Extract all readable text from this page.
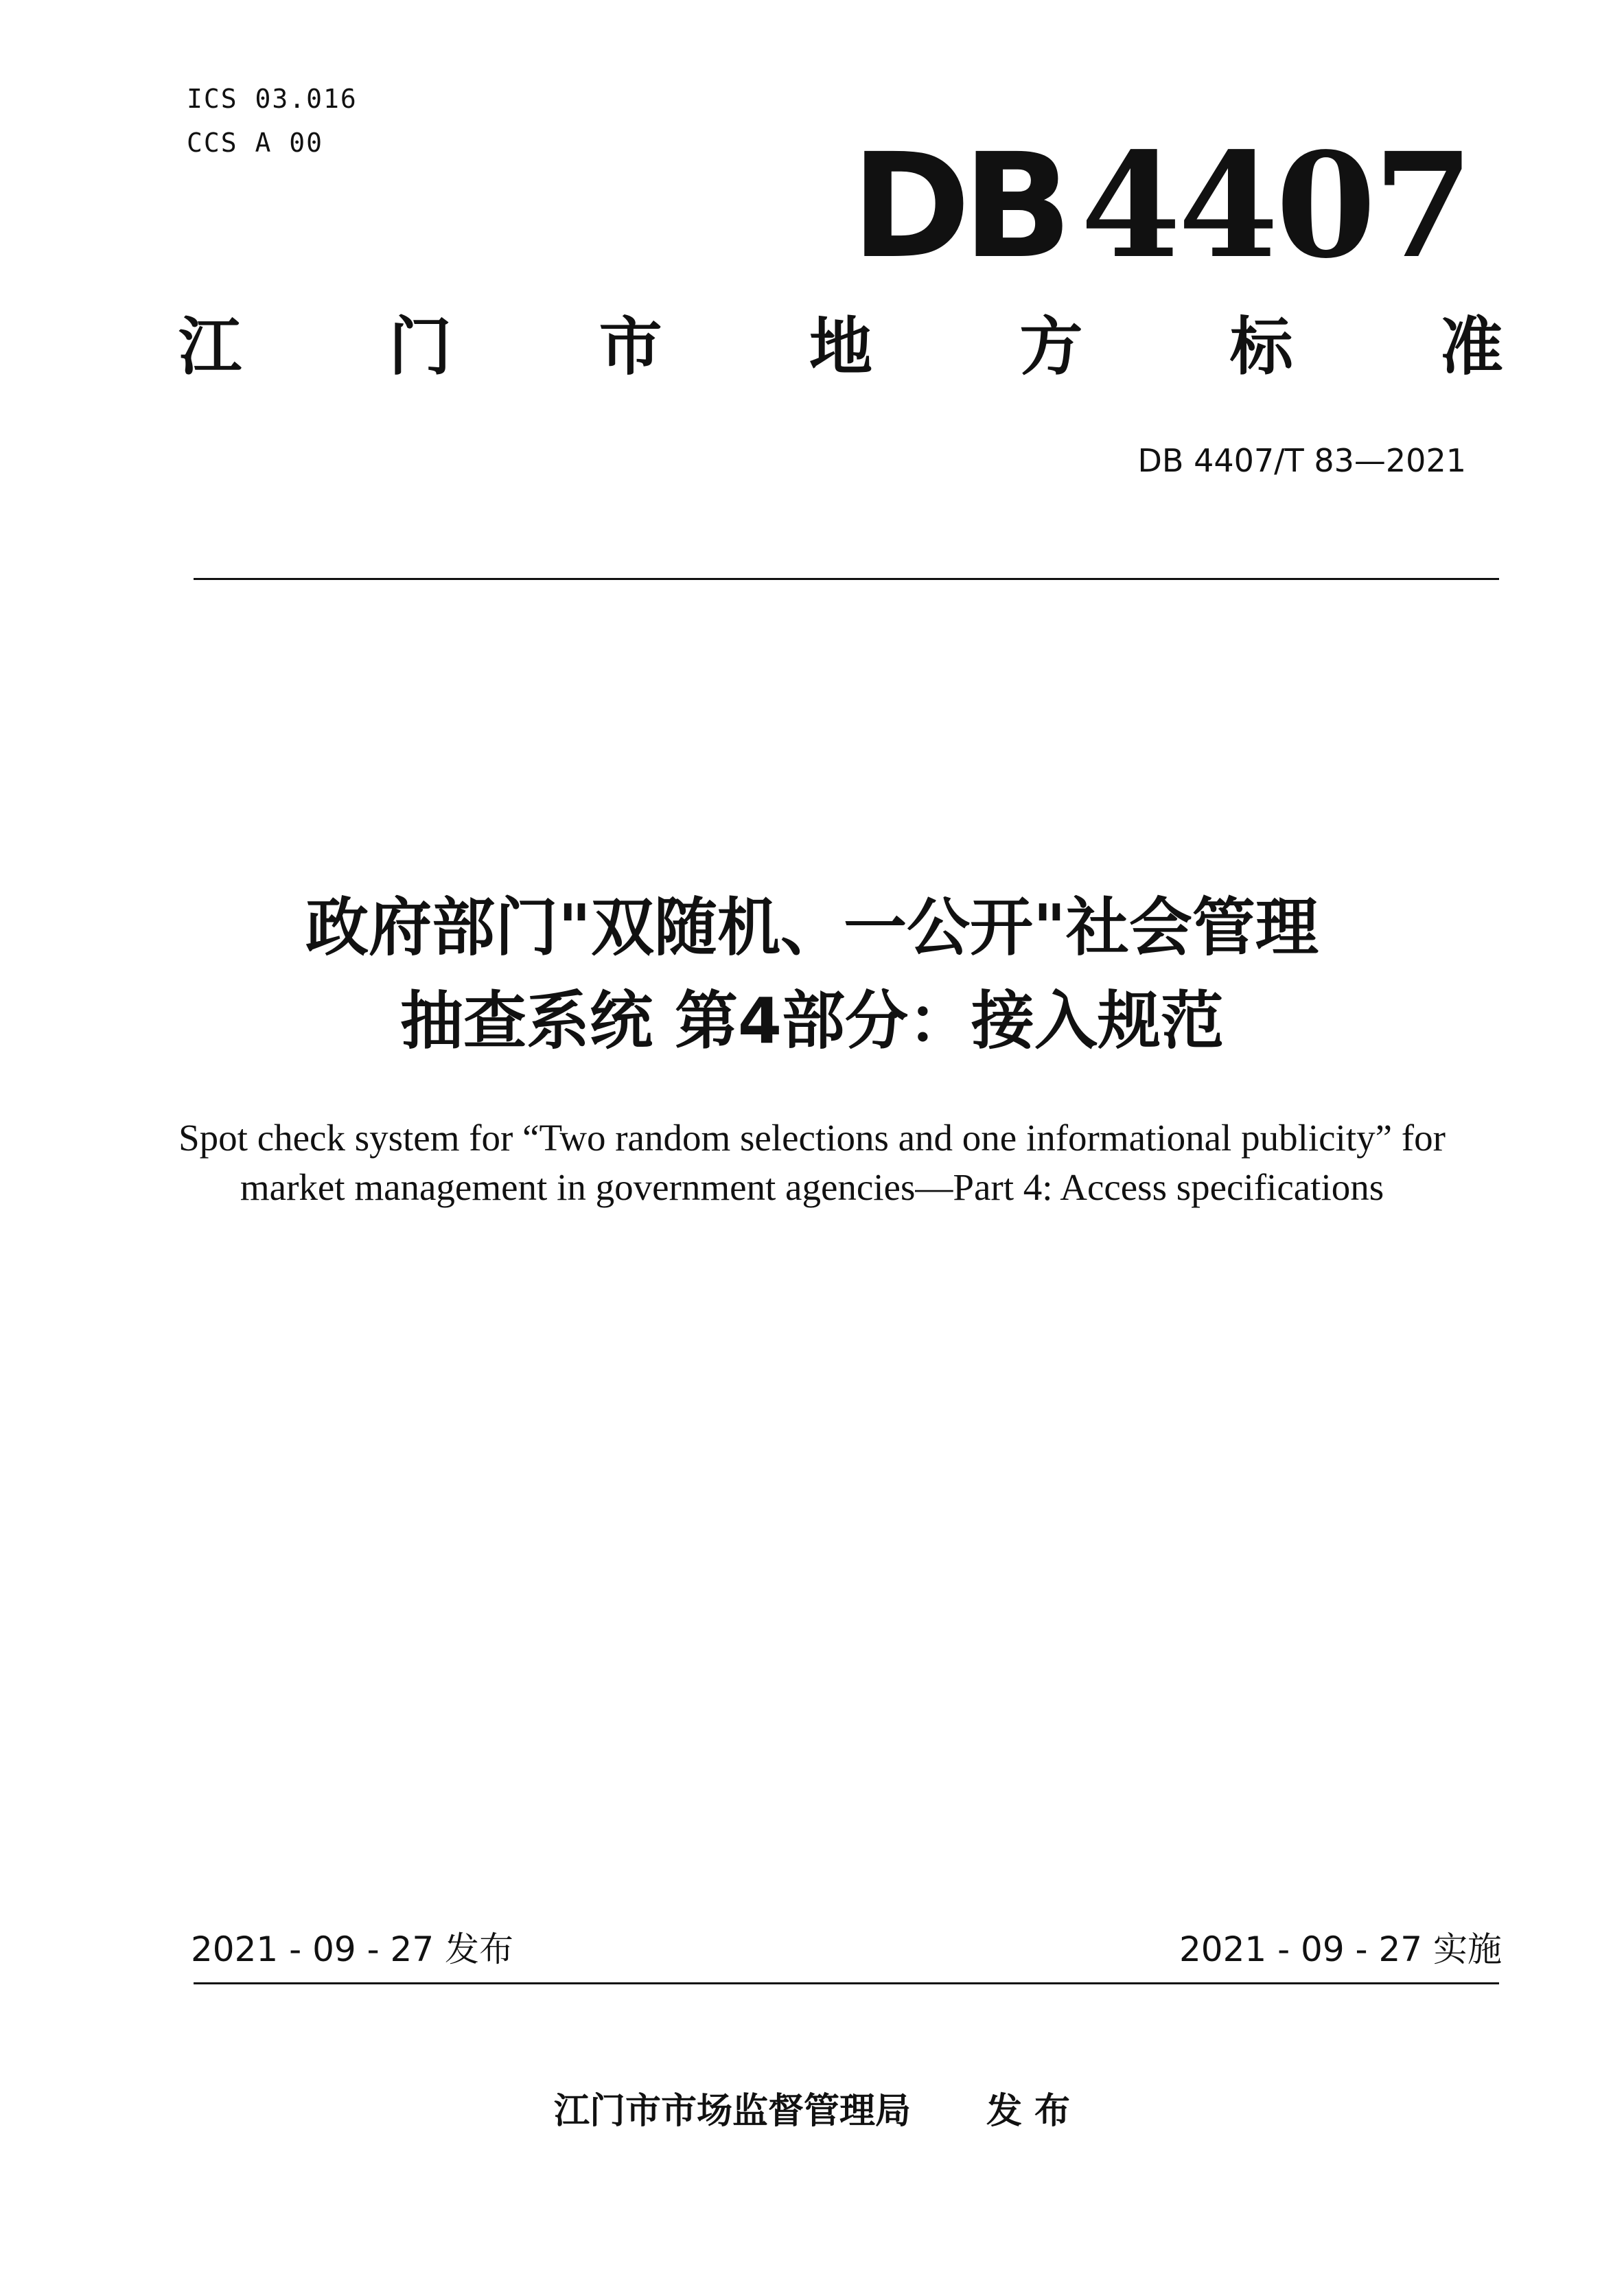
ICS 03.016
CCS A 00	DB 4407
江 门 市 地 方 标 准
DB 4407/T 83—2021
政府部门"双随机、一公开"社会管理
抽查系统 第4部分：接入规范
Spot check system for “Two random selections and one informational publicity” for
market management in government agencies—Part 4: Access specifications
2021 - 09 - 27 发布	2021 - 09 - 27 实施
江门市市场监督管理局 发 布
